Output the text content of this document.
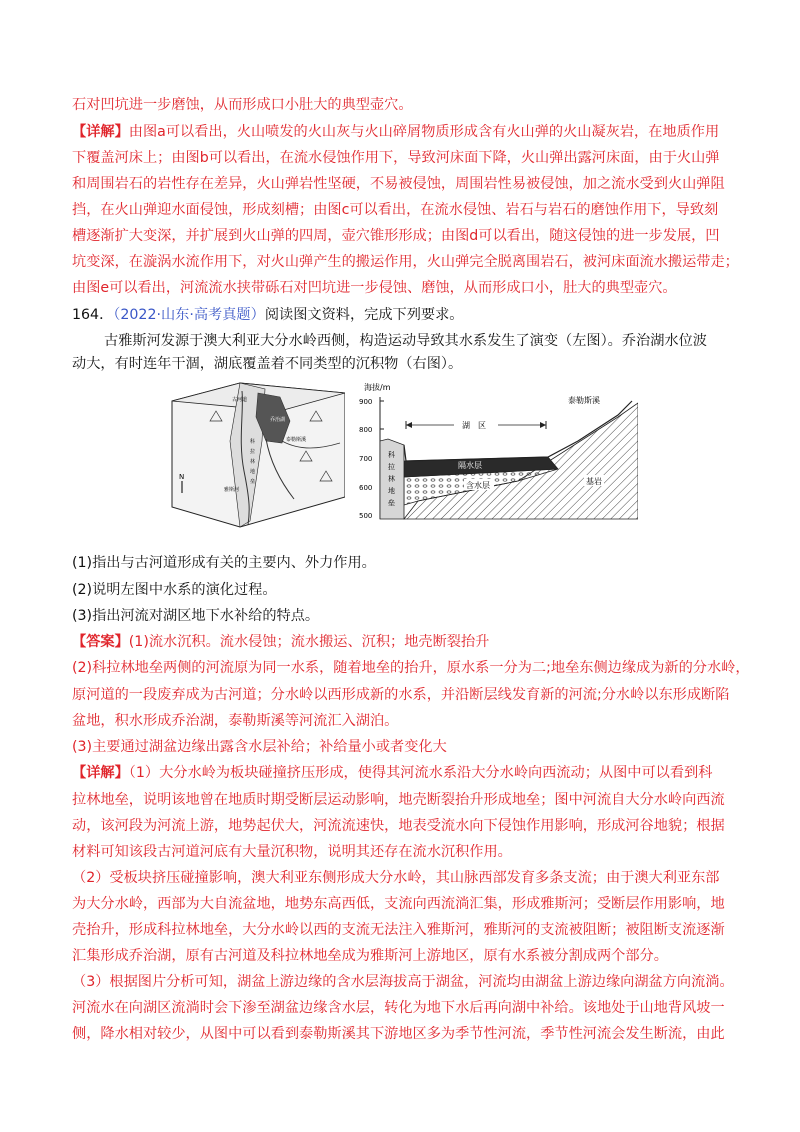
石对凹坑进一步磨蚀，从而形成口小肚大的典型壶穴。
【详解】由图a可以看出，火山喷发的火山灰与火山碎屑物质形成含有火山弹的火山凝灰岩，在地质作用
下覆盖河床上；由图b可以看出，在流水侵蚀作用下，导致河床面下降，火山弹出露河床面，由于火山弹
和周围岩石的岩性存在差异，火山弹岩性坚硬，不易被侵蚀，周围岩性易被侵蚀，加之流水受到火山弹阻
挡，在火山弹迎水面侵蚀，形成刻槽；由图c可以看出，在流水侵蚀、岩石与岩石的磨蚀作用下，导致刻
槽逐渐扩大变深，并扩展到火山弹的四周，壶穴锥形形成；由图d可以看出，随这侵蚀的进一步发展，凹
坑变深，在漩涡水流作用下，对火山弹产生的搬运作用，火山弹完全脱离围岩石，被河床面流水搬运带走；
由图e可以看出，河流流水挟带砾石对凹坑进一步侵蚀、磨蚀，从而形成口小，肚大的典型壶穴。
164．（2022·山东·高考真题）阅读图文资料，完成下列要求。
古雅斯河发源于澳大利亚大分水岭西侧，构造运动导致其水系发生了演变（左图）。乔治湖水位波
动大，有时连年干涸，湖底覆盖着不同类型的沉积物（右图）。
N
古河道
乔治湖
科
拉
林
地
垒
雅斯河
泰勒斯溪
海拔/m
900
800
700
600
500
湖　区
泰勒斯溪
隔水层
含水层	基岩
科
拉
林
地
垒
(1)指出与古河道形成有关的主要内、外力作用。
(2)说明左图中水系的演化过程。
(3)指出河流对湖区地下水补给的特点。
【答案】(1)流水沉积。流水侵蚀；流水搬运、沉积；地壳断裂抬升
(2)科拉林地垒两侧的河流原为同一水系，随着地垒的抬升，原水系一分为二;地垒东侧边缘成为新的分水岭，
原河道的一段废弃成为古河道；分水岭以西形成新的水系，并沿断层线发育新的河流;分水岭以东形成断陷
盆地，积水形成乔治湖，泰勒斯溪等河流汇入湖泊。
(3)主要通过湖盆边缘出露含水层补给；补给量小或者变化大
【详解】（1）大分水岭为板块碰撞挤压形成，使得其河流水系沿大分水岭向西流动；从图中可以看到科
拉林地垒，说明该地曾在地质时期受断层运动影响，地壳断裂抬升形成地垒；图中河流自大分水岭向西流
动，该河段为河流上游，地势起伏大，河流流速快，地表受流水向下侵蚀作用影响，形成河谷地貌；根据
材料可知该段古河道河底有大量沉积物，说明其还存在流水沉积作用。
（2）受板块挤压碰撞影响，澳大利亚东侧形成大分水岭，其山脉西部发育多条支流；由于澳大利亚东部
为大分水岭，西部为大自流盆地，地势东高西低，支流向西流淌汇集，形成雅斯河；受断层作用影响，地
壳抬升，形成科拉林地垒，大分水岭以西的支流无法注入雅斯河，雅斯河的支流被阻断；被阻断支流逐渐
汇集形成乔治湖，原有古河道及科拉林地垒成为雅斯河上游地区，原有水系被分割成两个部分。
（3）根据图片分析可知，湖盆上游边缘的含水层海拔高于湖盆，河流均由湖盆上游边缘向湖盆方向流淌。
河流水在向湖区流淌时会下渗至湖盆边缘含水层，转化为地下水后再向湖中补给。该地处于山地背风坡一
侧，降水相对较少，从图中可以看到泰勒斯溪其下游地区多为季节性河流，季节性河流会发生断流，由此
